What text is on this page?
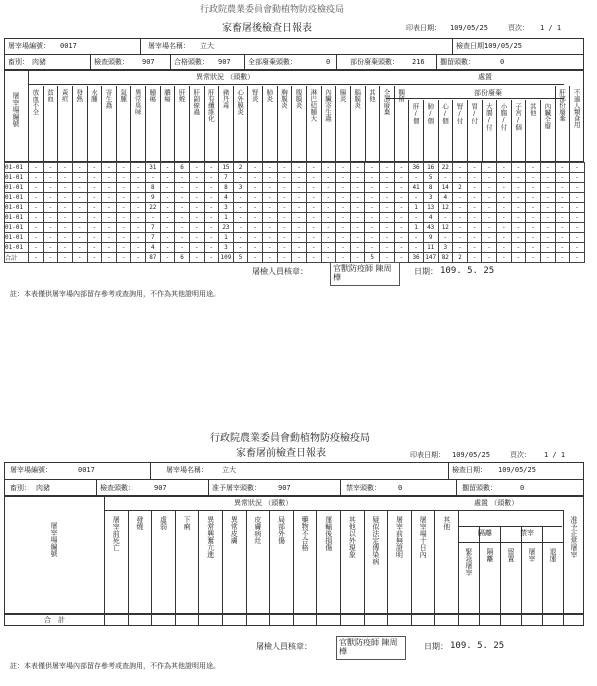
行政院農業委員會動植物防疫檢疫局
家畜屠後檢查日報表	印表日期： 109/05/25	頁次： 1 / 1
屠宰場編號： 0017	屠宰場名稱： 立大	檢查日期：
109/05/25
畜別： 肉豬	檢查頭數： 907	合格頭數： 907 全部廢棄頭數：	0	部份廢棄頭數： 216 擱留頭數：	0
異常狀況 （頭數）	處置
部份廢棄
屠宰場編號 放血不全 貧血 黃疸 發熱 水腫 寄生蟲 氣腫 異常臭味 腫瘍 膿瘍 肝蛭 肝副線蟲 肝有纖維化 豬丹毒 心外膜炎 腎炎 肺炎 胸膜炎 腹膜炎 淋巴結腫大 內臟寄生蟲 腸炎 腦膜炎 其他 全部廢棄 擱留
肝/個 肺/個 心/個 腎/付 胃/付 大腸/付 小腸/付 子宮/個 其他 內臟全廢 肝部份廢棄 不適人類食用
01-01	-	-	-	-	-	-	-	-	31	-	6	-	-	15	2	-	-	-	-	-	-	-	-	-	-	-	36	16	22	-	-	-	-	-	-	-	-	-
01-01	-	-	-	-	-	-	-	-	-	-	-	-	-	7	-	-	-	-	-	-	-	-	-	-	-	-	-	5	-	-	-	-	-	-	-	-	-	-
01-01	-	-	-	-	-	-	-	-	8	-	-	-	-	8	3	-	-	-	-	-	-	-	-	-	-	-	41	8	14	2	-	-	-	-	-	-	-	-
01-01	-	-	-	-	-	-	-	-	9	-	-	-	-	4	-	-	-	-	-	-	-	-	-	-	-	-	-	3	4	-	-	-	-	-	-	-	-	-
01-01	-	-	-	-	-	-	-	-	22	-	-	-	-	3	-	-	-	-	-	-	-	-	-	-	-	-	1	13	12	-	-	-	-	-	-	-	-	-
01-01	-	-	-	-	-	-	-	-	-	-	-	-	-	1	-	-	-	-	-	-	-	-	-	-	-	-	-	4	-	-	-	-	-	-	-	-	-	-
01-01	-	-	-	-	-	-	-	-	7	-	-	-	-	23	-	-	-	-	-	-	-	-	-	-	-	-	1	43	12	-	-	-	-	-	-	-	-	-
01-01	-	-	-	-	-	-	-	-	7	-	-	-	-	1	-	-	-	-	-	-	-	-	-	-	-	-	-	9	-	-	-	-	-	-	-	-	-	-
01-01	-	-	-	-	-	-	-	-	4	-	-	-	-	3	-	-	-	-	-	-	-	-	-	-	-	-	-	11	3	-	-	-	-	-	-	-	-	-
合計	-	-	-	-	-	-	-	-	87	-	6	-	-	109	5	-	-	-	-	-	-	-	-	5	-	-	36	147	82	2	-	-	-	-	-	-	-	-
屠檢人員核章：	官獸防疫師 陳周樺
日期： 109. 5. 25
註：本表僅供屠宰場內部留存參考或查詢用，不作為其他證明用途。
行政院農業委員會動植物防疫檢疫局
家畜屠前檢查日報表	印表日期： 109/05/25	頁次： 1 / 1
屠宰場編號：	0017	屠宰場名稱： 立大	檢查日期： 109/05/25
畜別： 肉豬	檢查頭數：	907	准予屠宰頭數： 907	禁宰頭數： 0	擱留頭數：	0
異常狀況 （頭數）	處置 （頭數）
屠宰場編號	屠宰前死亡 發燒 虛弱 下痢 異常興奮亢進 異常皮膚 皮膚病灶 局部外傷 藥物不合格 運輸後損傷 其他以外現象 疑似法定傳染病 屠宰前無證明 屠宰場十日內 其他
緊急屠宰 隔離 留置 屠宰 退運 准予正常屠宰
隔離	禁宰
合　計
屠檢人員核章：	官獸防疫師 陳周樺
日期： 109. 5. 25
註：本表僅供屠宰場內部留存參考或查詢用，不作為其他證明用途。
